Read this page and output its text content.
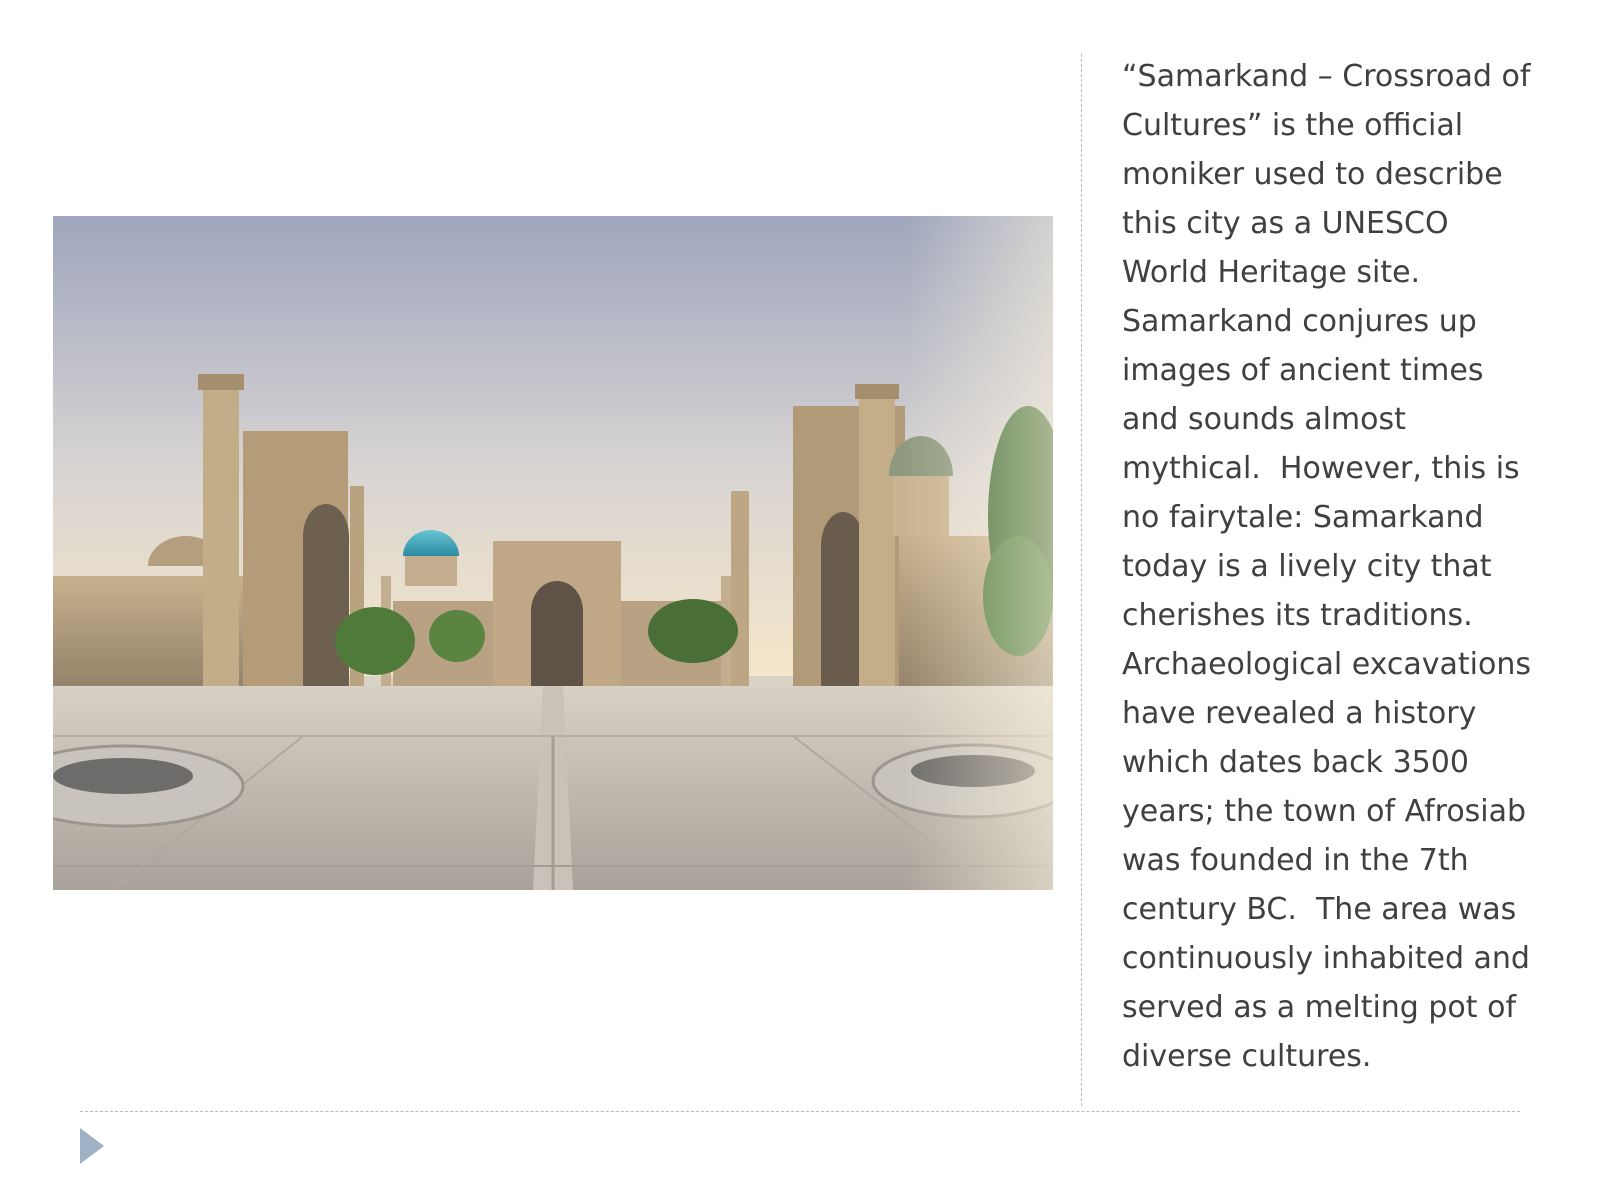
“Samarkand – Crossroad of Cultures” is the official moniker used to describe this city as a UNESCO World Heritage site.  Samarkand conjures up images of ancient times and sounds almost mythical.  However, this is no fairytale: Samarkand today is a lively city that cherishes its traditions. Archaeological excavations have revealed a history which dates back 3500 years; the town of Afrosiab was founded in the 7th century BC.  The area was continuously inhabited and served as a melting pot of diverse cultures.
